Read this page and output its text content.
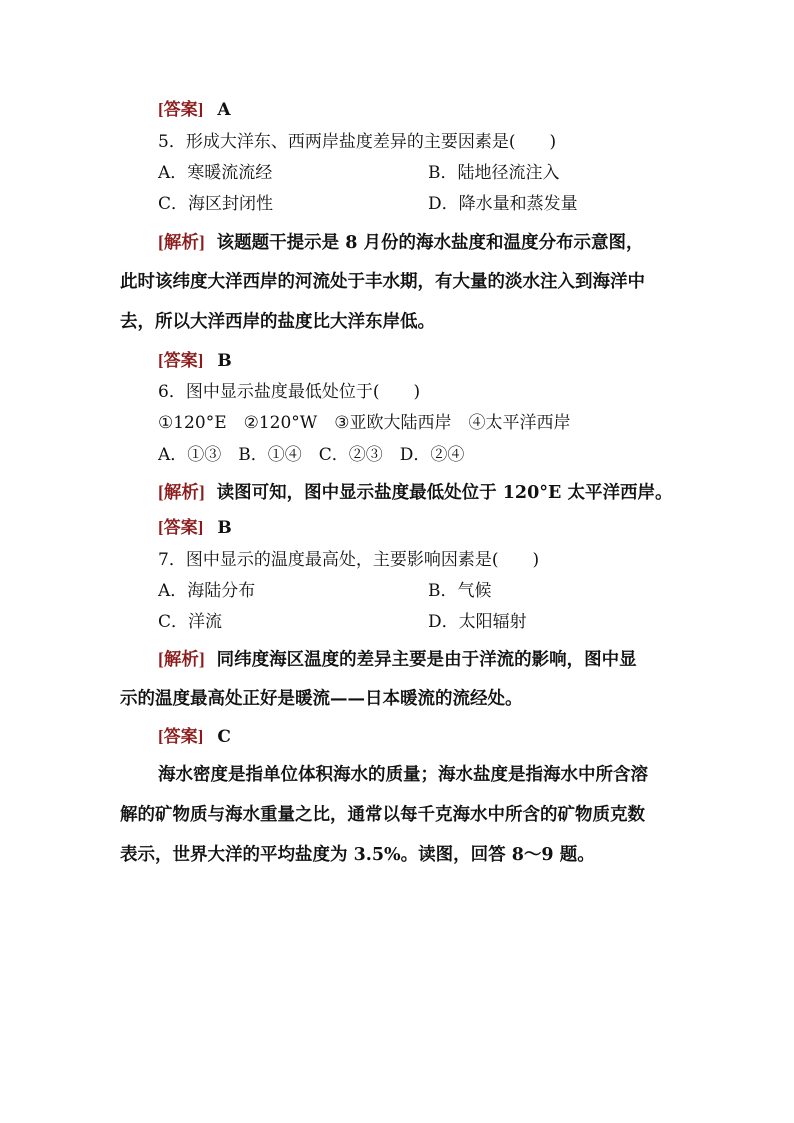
[答案] A
5．形成大洋东、西两岸盐度差异的主要因素是(　　)
A．寒暖流流经	B．陆地径流注入
C．海区封闭性	D．降水量和蒸发量
[解析] 该题题干提示是 8 月份的海水盐度和温度分布示意图，
此时该纬度大洋西岸的河流处于丰水期，有大量的淡水注入到海洋中
去，所以大洋西岸的盐度比大洋东岸低。
[答案] B
6．图中显示盐度最低处位于(　　)
①120°E　②120°W　③亚欧大陆西岸　④太平洋西岸
A．①③　B．①④　C．②③　D．②④
[解析] 读图可知，图中显示盐度最低处位于 120°E 太平洋西岸。
[答案] B
7．图中显示的温度最高处，主要影响因素是(　　)
A．海陆分布	B．气候
C．洋流	D．太阳辐射
[解析] 同纬度海区温度的差异主要是由于洋流的影响，图中显
示的温度最高处正好是暖流——日本暖流的流经处。
[答案] C
海水密度是指单位体积海水的质量；海水盐度是指海水中所含溶
解的矿物质与海水重量之比，通常以每千克海水中所含的矿物质克数
表示，世界大洋的平均盐度为 3.5%。读图，回答 8～9 题。
